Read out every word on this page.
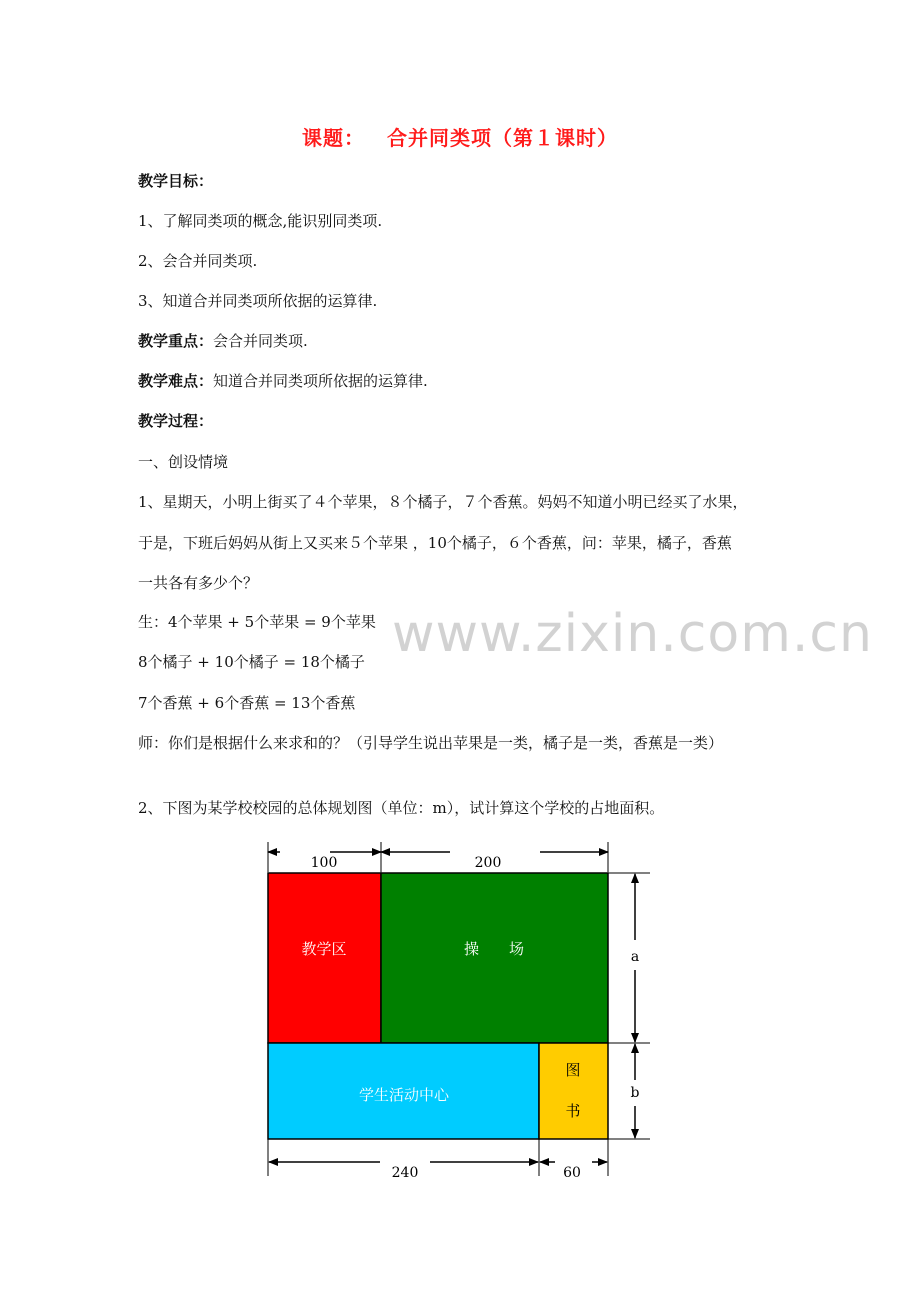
课题： 合并同类项（第１课时）
教学目标：
1、了解同类项的概念,能识别同类项.
2、会合并同类项.
3、知道合并同类项所依据的运算律.
教学重点：会合并同类项.
教学难点：知道合并同类项所依据的运算律.
教学过程：
一、创设情境
1、星期天，小明上街买了４个苹果，８个橘子，７个香蕉。妈妈不知道小明已经买了水果，
于是，下班后妈妈从街上又买来５个苹果 ，10个橘子，６个香蕉，问：苹果，橘子，香蕉
一共各有多少个？
www.zixin.com.cn
生：4个苹果 + 5个苹果 = 9个苹果
8个橘子 + 10个橘子 = 18个橘子
7个香蕉 + 6个香蕉 = 13个香蕉
师：你们是根据什么来求和的？（引导学生说出苹果是一类，橘子是一类，香蕉是一类）
2、下图为某学校校园的总体规划图（单位：m），试计算这个学校的占地面积。
100	200
教学区	操　　场
学生活动中心
图
书
a
b
240	60
